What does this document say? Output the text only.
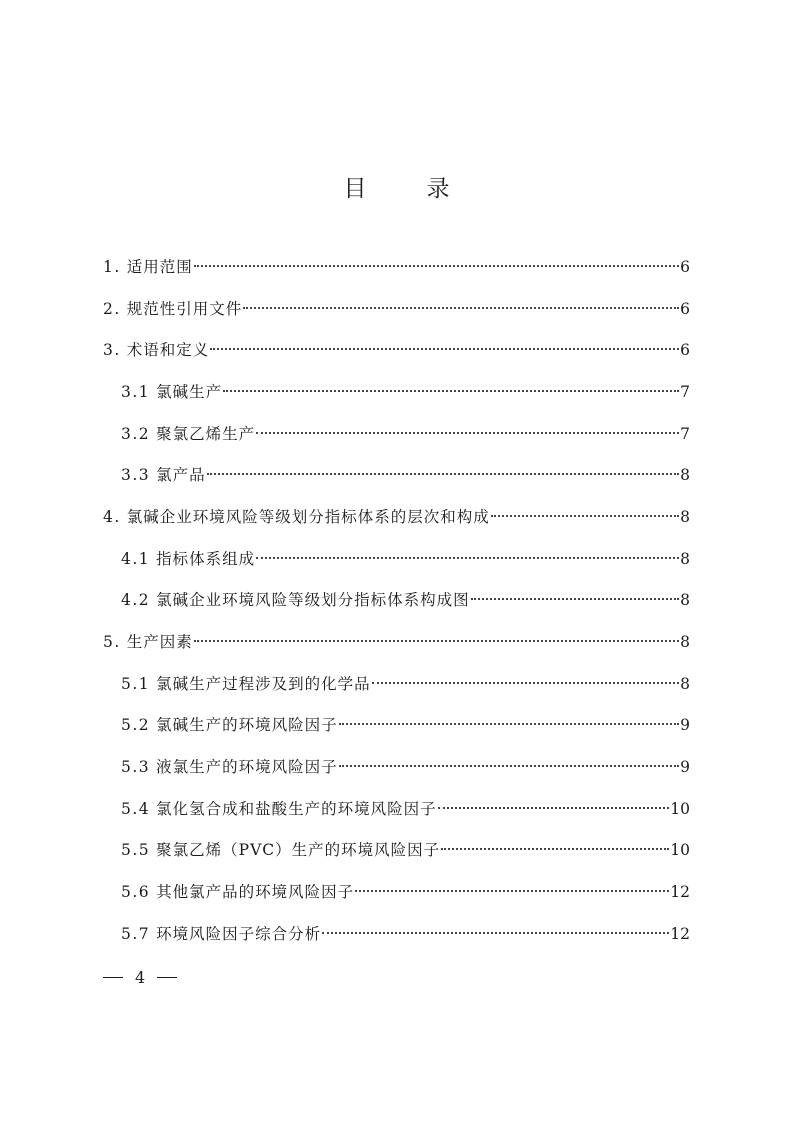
目	录
1. 适用范围	6
2. 规范性引用文件	6
3. 术语和定义	6
3.1 氯碱生产	7
3.2 聚氯乙烯生产	7
3.3 氯产品	8
4. 氯碱企业环境风险等级划分指标体系的层次和构成	8
4.1 指标体系组成	8
4.2 氯碱企业环境风险等级划分指标体系构成图	8
5. 生产因素	8
5.1 氯碱生产过程涉及到的化学品	8
5.2 氯碱生产的环境风险因子	9
5.3 液氯生产的环境风险因子	9
5.4 氯化氢合成和盐酸生产的环境风险因子	10
5.5 聚氯乙烯（PVC）生产的环境风险因子	10
5.6 其他氯产品的环境风险因子	12
5.7 环境风险因子综合分析	12
4
